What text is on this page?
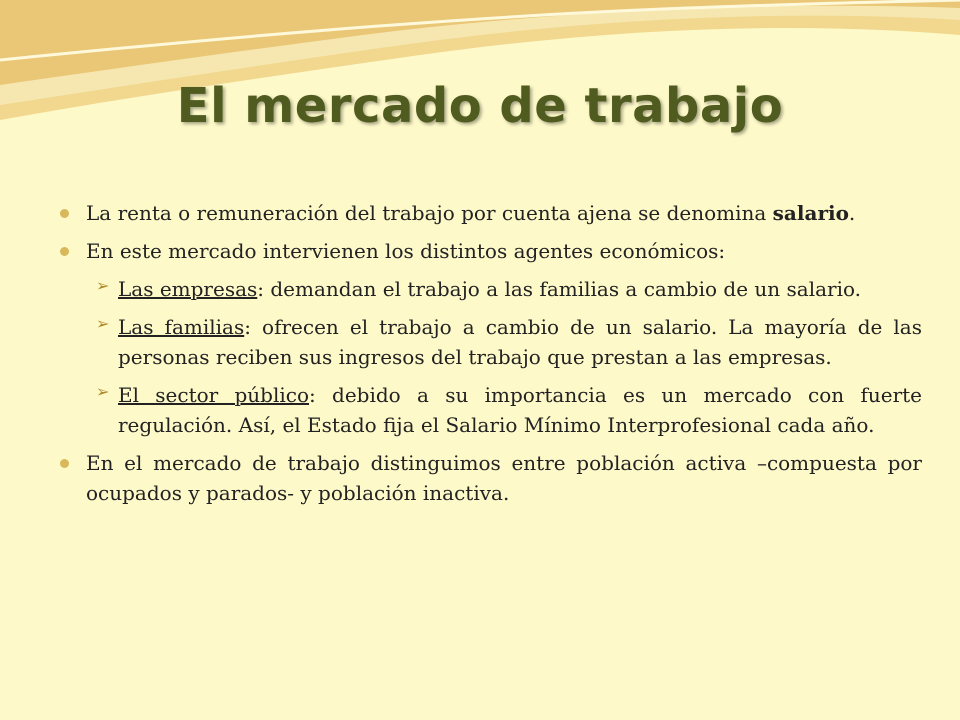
El mercado de trabajo
La renta o remuneración del trabajo por cuenta ajena se denomina salario.
En este mercado intervienen los distintos agentes económicos:
➢ Las empresas: demandan el trabajo a las familias a cambio de un salario.
➢ Las familias: ofrecen el trabajo a cambio de un salario. La mayoría de las personas reciben sus ingresos del trabajo que prestan a las empresas.
➢ El sector público: debido a su importancia es un mercado con fuerte regulación. Así, el Estado fija el Salario Mínimo Interprofesional cada año.
En el mercado de trabajo distinguimos entre población activa –compuesta por ocupados y parados- y población inactiva.
